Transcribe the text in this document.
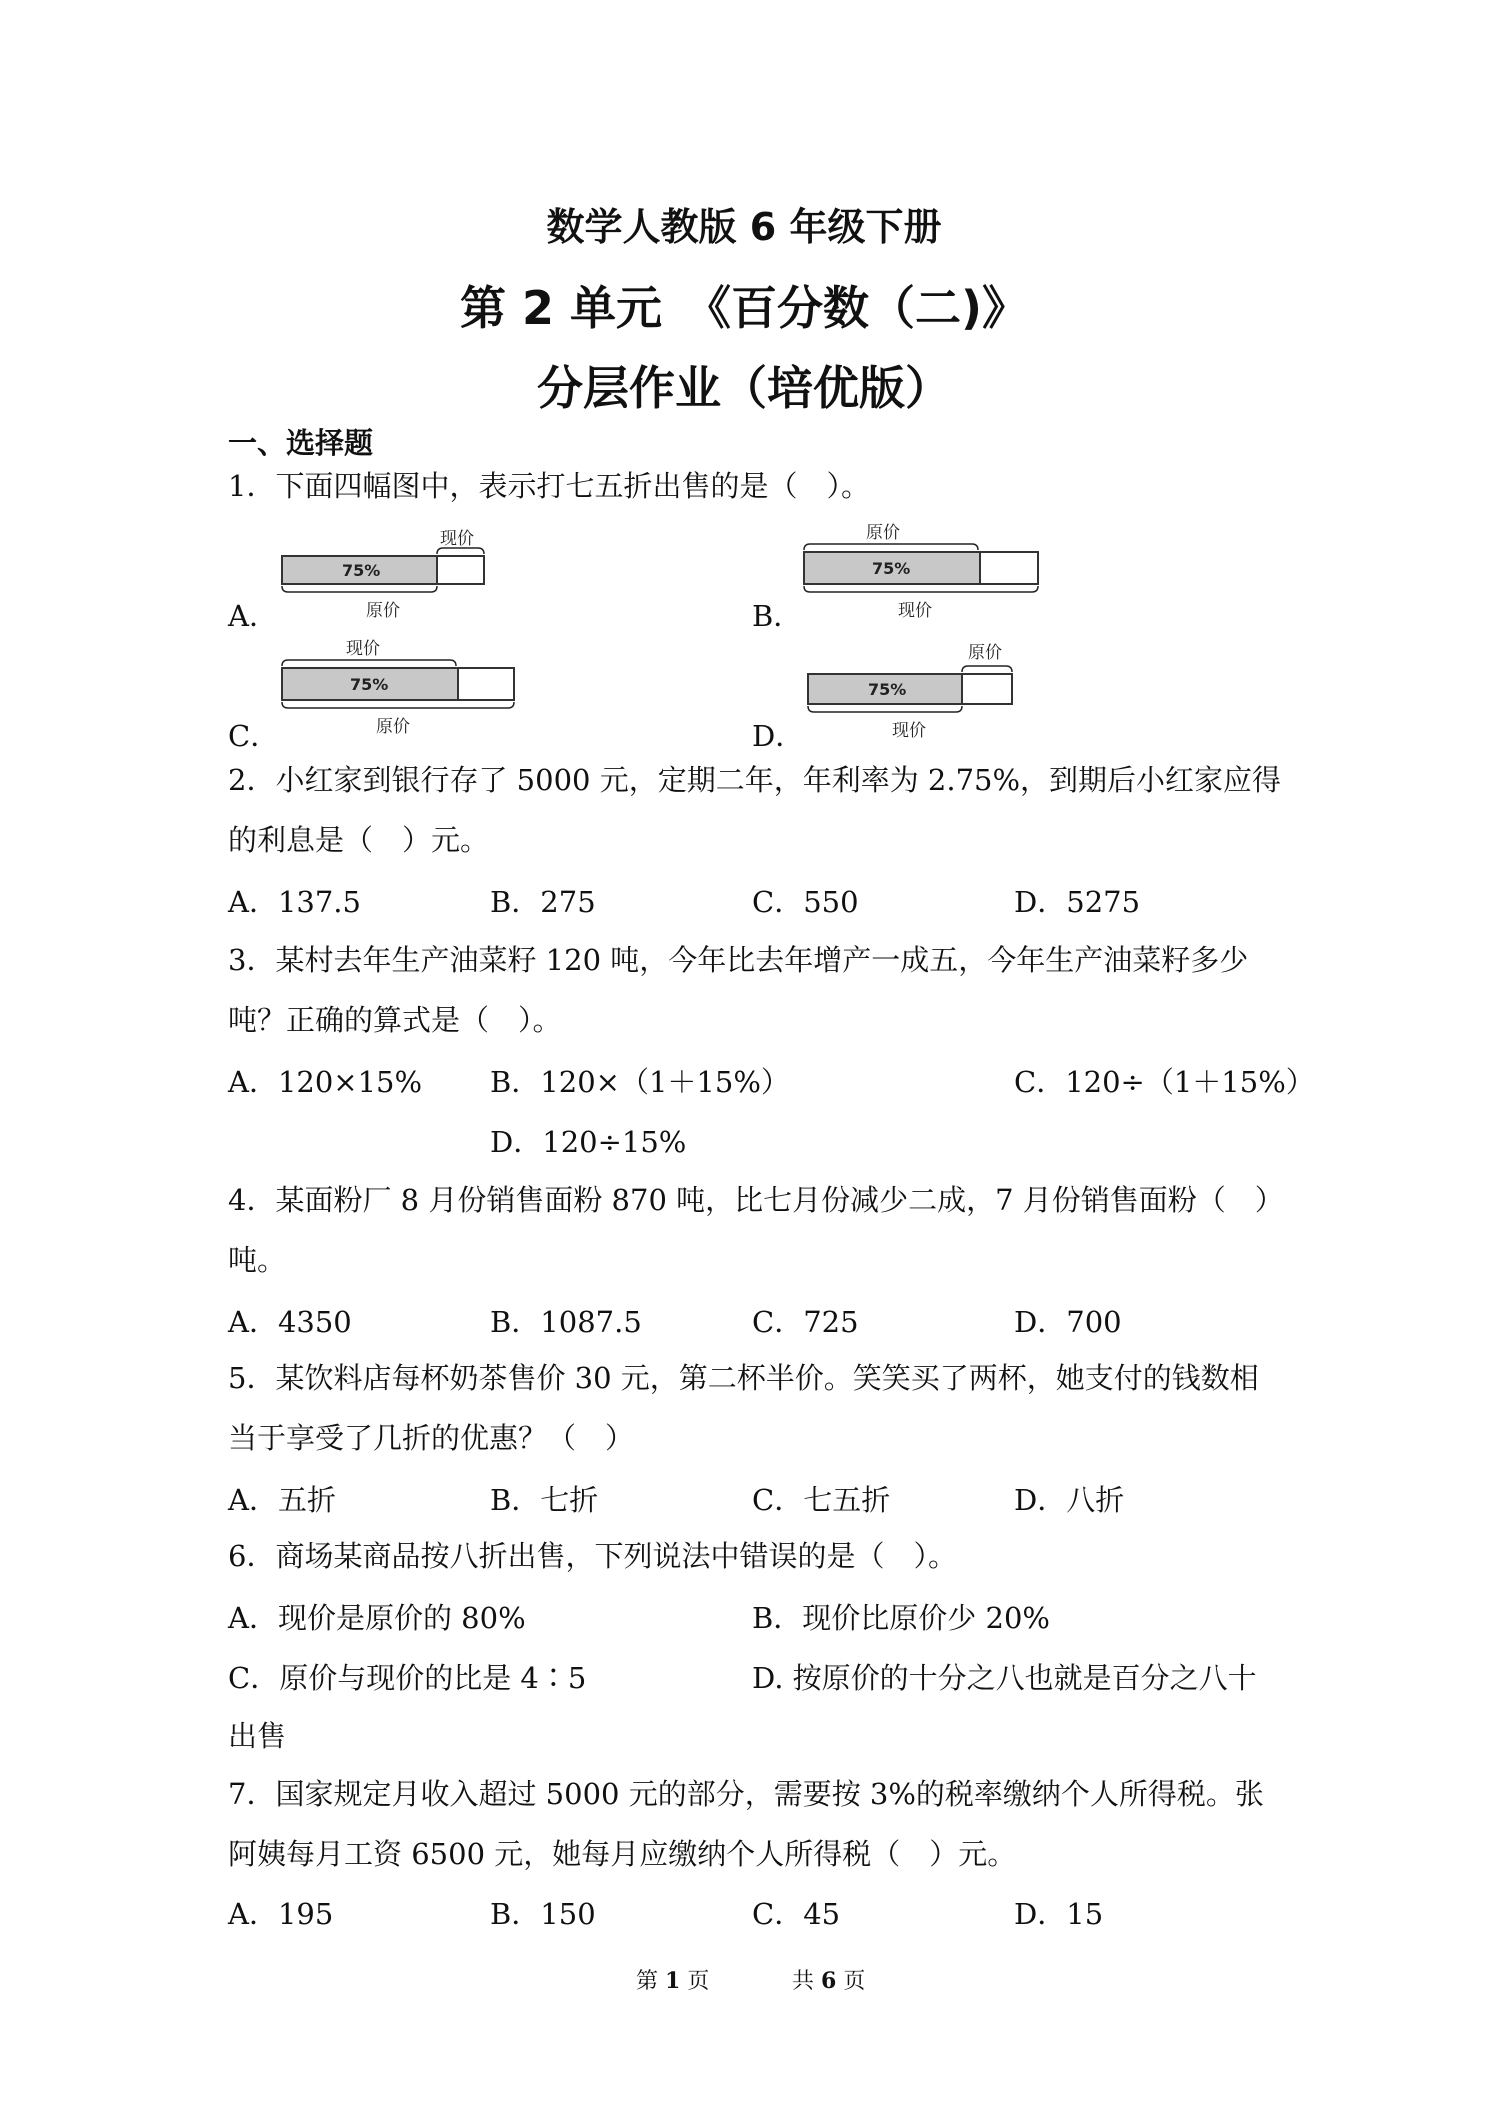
数学人教版 6 年级下册
第 2 单元　《百分数（二)》
分层作业（培优版）
一、选择题
1．下面四幅图中，表示打七五折出售的是（　）。
A．	B．
C．	D．
现价
75%
原价
原价
75%
现价
现价
75%
原价
原价
75%
现价
2．小红家到银行存了 5000 元，定期二年，年利率为 2.75%，到期后小红家应得
的利息是（　）元。
A．137.5	B．275	C．550	D．5275
3．某村去年生产油菜籽 120 吨，今年比去年增产一成五，今年生产油菜籽多少
吨？正确的算式是（　）。
A．120×15% B．120×（1＋15%）	C．120÷（1＋15%）
D．120÷15%
4．某面粉厂 8 月份销售面粉 870 吨，比七月份减少二成，7 月份销售面粉（　）
吨。
A．4350	B．1087.5	C．725	D．700
5．某饮料店每杯奶茶售价 30 元，第二杯半价。笑笑买了两杯，她支付的钱数相
当于享受了几折的优惠？（　）
A．五折	B．七折	C．七五折	D．八折
6．商场某商品按八折出售，下列说法中错误的是（　）。
A．现价是原价的 80%	B．现价比原价少 20%
C．原价与现价的比是 4∶5	D. 按原价的十分之八也就是百分之八十
出售
7．国家规定月收入超过 5000 元的部分，需要按 3%的税率缴纳个人所得税。张
阿姨每月工资 6500 元，她每月应缴纳个人所得税（　）元。
A．195	B．150	C．45	D．15
第 1 页	共 6 页
